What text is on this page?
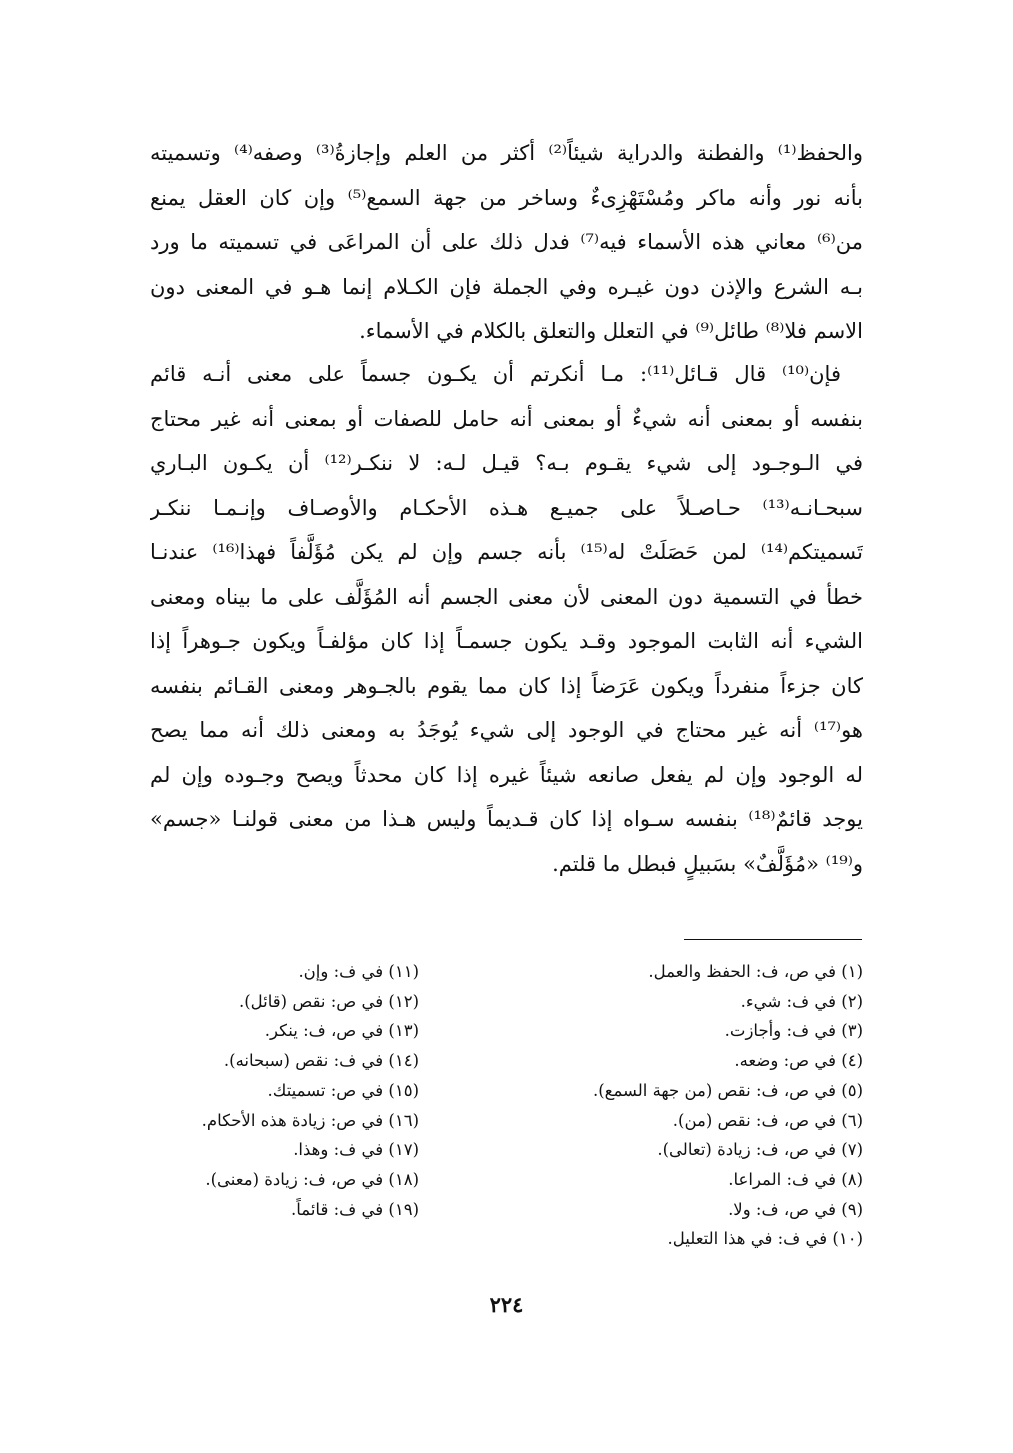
والحفظ⁽¹⁾ والفطنة والدراية شيئاً⁽²⁾ أكثر من العلم وإجازةُ⁽³⁾ وصفه⁽⁴⁾ وتسميته
بأنه نور وأنه ماكر ومُسْتَهْزِىءٌ وساخر من جهة السمع⁽⁵⁾ وإن كان العقل يمنع
من⁽⁶⁾ معاني هذه الأسماء فيه⁽⁷⁾ فدل ذلك على أن المراعَى في تسميته ما ورد
بـه الشرع والإذن دون غيـره وفي الجملة فإن الكـلام إنما هـو في المعنى دون
الاسم فلا⁽⁸⁾ طائل⁽⁹⁾ في التعلل والتعلق بالكلام في الأسماء.
فإن⁽¹⁰⁾ قال قـائل⁽¹¹⁾: مـا أنكرتم أن يكـون جسماً على معنى أنـه قائم
بنفسه أو بمعنى أنه شيءٌ أو بمعنى أنه حامل للصفات أو بمعنى أنه غير محتاج
في الـوجـود إلى شيء يقـوم بـه؟ قيـل لـه: لا ننكـر⁽¹²⁾ أن يكـون البـاري
سبحـانـه⁽¹³⁾ حـاصـلاً على جميـع هـذه الأحكـام والأوصـاف وإنـمـا ننكـر
تَسميتكم⁽¹⁴⁾ لمن حَصَلَتْ له⁽¹⁵⁾ بأنه جسم وإن لم يكن مُؤَلَّفاً فهذا⁽¹⁶⁾ عندنـا
خطأ في التسمية دون المعنى لأن معنى الجسم أنه المُؤَلَّف على ما بيناه ومعنى
الشيء أنه الثابت الموجود وقـد يكون جسمـاً إذا كان مؤلفـاً ويكون جـوهراً إذا
كان جزءاً منفرداً ويكون عَرَضاً إذا كان مما يقوم بالجـوهر ومعنى القـائم بنفسه
هو⁽¹⁷⁾ أنه غير محتاج في الوجود إلى شيء يُوجَدُ به ومعنى ذلك أنه مما يصح
له الوجود وإن لم يفعل صانعه شيئاً غيره إذا كان محدثاً ويصح وجـوده وإن لم
يوجد قائمٌ⁽¹⁸⁾ بنفسه سـواه إذا كان قـديماً وليس هـذا من معنى قولنـا «جسم»
و⁽¹⁹⁾ «مُؤَلَّفٌ» بسَبيلٍ فبطل ما قلتم.
(١) في ص، ف: الحفظ والعمل.
(٢) في ف: شيء.
(٣) في ف: وأجازت.
(٤) في ص: وضعه.
(٥) في ص، ف: نقص (من جهة السمع).
(٦) في ص، ف: نقص (من).
(٧) في ص، ف: زيادة (تعالى).
(٨) في ف: المراعا.
(٩) في ص، ف: ولا.
(١٠) في ف: في هذا التعليل.
(١١) في ف: وإن.
(١٢) في ص: نقص (قائل).
(١٣) في ص، ف: ينكر.
(١٤) في ف: نقص (سبحانه).
(١٥) في ص: تسميتك.
(١٦) في ص: زيادة هذه الأحكام.
(١٧) في ف: وهذا.
(١٨) في ص، ف: زيادة (معنى).
(١٩) في ف: قائماً.
٢٢٤
